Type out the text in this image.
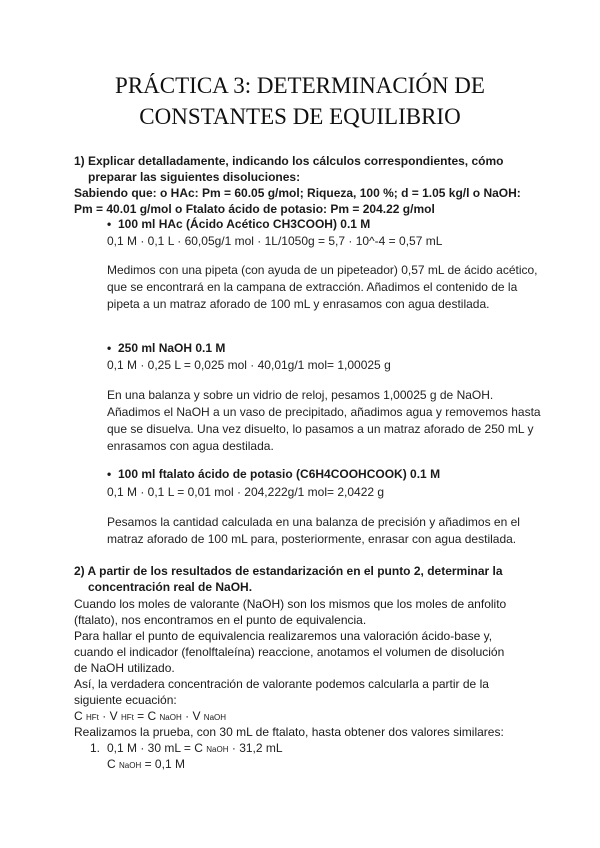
PRÁCTICA 3: DETERMINACIÓN DE
CONSTANTES DE EQUILIBRIO
1) Explicar detalladamente, indicando los cálculos correspondientes, cómo
preparar las siguientes disoluciones:
Sabiendo que: o HAc: Pm = 60.05 g/mol; Riqueza, 100 %; d = 1.05 kg/l o NaOH:
Pm = 40.01 g/mol o Ftalato ácido de potasio: Pm = 204.22 g/mol
• 100 ml HAc (Ácido Acético CH3COOH) 0.1 M
0,1 M · 0,1 L · 60,05g/1 mol · 1L/1050g = 5,7 · 10^-4 = 0,57 mL
Medimos con una pipeta (con ayuda de un pipeteador) 0,57 mL de ácido acético, que se encontrará en la campana de extracción. Añadimos el contenido de la pipeta a un matraz aforado de 100 mL y enrasamos con agua destilada.
• 250 ml NaOH 0.1 M
0,1 M · 0,25 L = 0,025 mol · 40,01g/1 mol= 1,00025 g
En una balanza y sobre un vidrio de reloj, pesamos 1,00025 g de NaOH. Añadimos el NaOH a un vaso de precipitado, añadimos agua y removemos hasta que se disuelva. Una vez disuelto, lo pasamos a un matraz aforado de 250 mL y enrasamos con agua destilada.
• 100 ml ftalato ácido de potasio (C6H4COOHCOOK) 0.1 M
0,1 M · 0,1 L = 0,01 mol · 204,222g/1 mol= 2,0422 g
Pesamos la cantidad calculada en una balanza de precisión y añadimos en el matraz aforado de 100 mL para, posteriormente, enrasar con agua destilada.
2) A partir de los resultados de estandarización en el punto 2, determinar la
concentración real de NaOH.
Cuando los moles de valorante (NaOH) son los mismos que los moles de anfolito (ftalato), nos encontramos en el punto de equivalencia.
Para hallar el punto de equivalencia realizaremos una valoración ácido-base y, cuando el indicador (fenolftaleína) reaccione, anotamos el volumen de disolución de NaOH utilizado.
Así, la verdadera concentración de valorante podemos calcularla a partir de la siguiente ecuación:
C HFt · V HFt = C NaOH · V NaOH
Realizamos la prueba, con 30 mL de ftalato, hasta obtener dos valores similares:
1. 0,1 M · 30 mL = C NaOH · 31,2 mL
C NaOH = 0,1 M
